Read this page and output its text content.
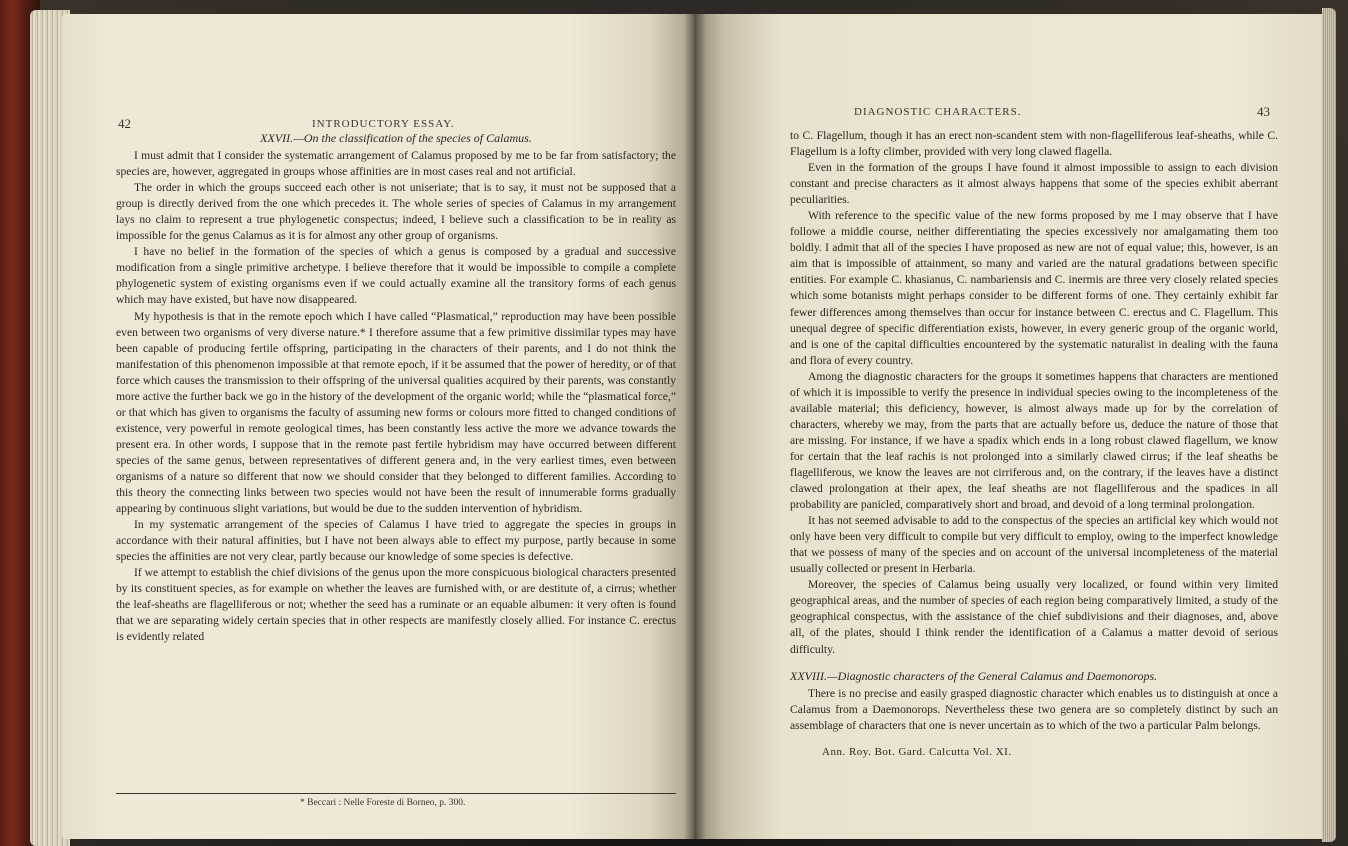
42	INTRODUCTORY ESSAY.
XXVII.—On the classification of the species of Calamus.

I must admit that I consider the systematic arrangement of Calamus proposed by me to be far from satisfactory; the species are, however, aggregated in groups whose affinities are in most cases real and not artificial.

The order in which the groups succeed each other is not uniseriate; that is to say, it must not be supposed that a group is directly derived from the one which precedes it. The whole series of species of Calamus in my arrangement lays no claim to represent a true phylogenetic conspectus; indeed, I believe such a classification to be in reality as impossible for the genus Calamus as it is for almost any other group of organisms.

I have no belief in the formation of the species of which a genus is composed by a gradual and successive modification from a single primitive archetype. I believe therefore that it would be impossible to compile a complete phylogenetic system of existing organisms even if we could actually examine all the transitory forms of each genus which may have existed, but have now disappeared.

My hypothesis is that in the remote epoch which I have called “Plasmatical,” reproduction may have been possible even between two organisms of very diverse nature.* I therefore assume that a few primitive dissimilar types may have been capable of producing fertile offspring, participating in the characters of their parents, and I do not think the manifestation of this phenomenon impossible at that remote epoch, if it be assumed that the power of heredity, or of that force which causes the transmission to their offspring of the universal qualities acquired by their parents, was constantly more active the further back we go in the history of the development of the organic world; while the “plasmatical force,” or that which has given to organisms the faculty of assuming new forms or colours more fitted to changed conditions of existence, very powerful in remote geological times, has been constantly less active the more we advance towards the present era. In other words, I suppose that in the remote past fertile hybridism may have occurred between different species of the same genus, between representatives of different genera and, in the very earliest times, even between organisms of a nature so different that now we should consider that they belonged to different families. According to this theory the connecting links between two species would not have been the result of innumerable forms gradually appearing by continuous slight variations, but would be due to the sudden intervention of hybridism.

In my systematic arrangement of the species of Calamus I have tried to aggregate the species in groups in accordance with their natural affinities, but I have not been always able to effect my purpose, partly because in some species the affinities are not very clear, partly because our knowledge of some species is defective.

If we attempt to establish the chief divisions of the genus upon the more conspicuous biological characters presented by its constituent species, as for example on whether the leaves are furnished with, or are destitute of, a cirrus; whether the leaf-sheaths are flagelliferous or not; whether the seed has a ruminate or an equable albumen: it very often is found that we are separating widely certain species that in other respects are manifestly closely allied. For instance C. erectus is evidently related

* Beccari : Nelle Foreste di Borneo, p. 300.
DIAGNOSTIC CHARACTERS.	43

to C. Flagellum, though it has an erect non-scandent stem with non-flagelliferous leaf-sheaths, while C. Flagellum is a lofty climber, provided with very long clawed flagella.

Even in the formation of the groups I have found it almost impossible to assign to each division constant and precise characters as it almost always happens that some of the species exhibit aberrant peculiarities.

With reference to the specific value of the new forms proposed by me I may observe that I have followe a middle course, neither differentiating the species excessively nor amalgamating them too boldly. I admit that all of the species I have proposed as new are not of equal value; this, however, is an aim that is impossible of attainment, so many and varied are the natural gradations between specific entities. For example C. khasianus, C. nambariensis and C. inermis are three very closely related species which some botanists might perhaps consider to be different forms of one. They certainly exhibit far fewer differences among themselves than occur for instance between C. erectus and C. Flagellum. This unequal degree of specific differentiation exists, however, in every generic group of the organic world, and is one of the capital difficulties encountered by the systematic naturalist in dealing with the fauna and flora of every country.

Among the diagnostic characters for the groups it sometimes happens that characters are mentioned of which it is impossible to verify the presence in individual species owing to the incompleteness of the available material; this deficiency, however, is almost always made up for by the correlation of characters, whereby we may, from the parts that are actually before us, deduce the nature of those that are missing. For instance, if we have a spadix which ends in a long robust clawed flagellum, we know for certain that the leaf rachis is not prolonged into a similarly clawed cirrus; if the leaf sheaths be flagelliferous, we know the leaves are not cirriferous and, on the contrary, if the leaves have a distinct clawed prolongation at their apex, the leaf sheaths are not flagelliferous and the spadices in all probability are panicled, comparatively short and broad, and devoid of a long terminal prolongation.

It has not seemed advisable to add to the conspectus of the species an artificial key which would not only have been very difficult to compile but very difficult to employ, owing to the imperfect knowledge that we possess of many of the species and on account of the universal incompleteness of the material usually collected or present in Herbaria.

Moreover, the species of Calamus being usually very localized, or found within very limited geographical areas, and the number of species of each region being comparatively limited, a study of the geographical conspectus, with the assistance of the chief subdivisions and their diagnoses, and, above all, of the plates, should I think render the identification of a Calamus a matter devoid of serious difficulty.

XXVIII.—Diagnostic characters of the General Calamus and Daemonorops.

There is no precise and easily grasped diagnostic character which enables us to distinguish at once a Calamus from a Daemonorops. Nevertheless these two genera are so completely distinct by such an assemblage of characters that one is never uncertain as to which of the two a particular Palm belongs.

Ann. Roy. Bot. Gard. Calcutta Vol. XI.
